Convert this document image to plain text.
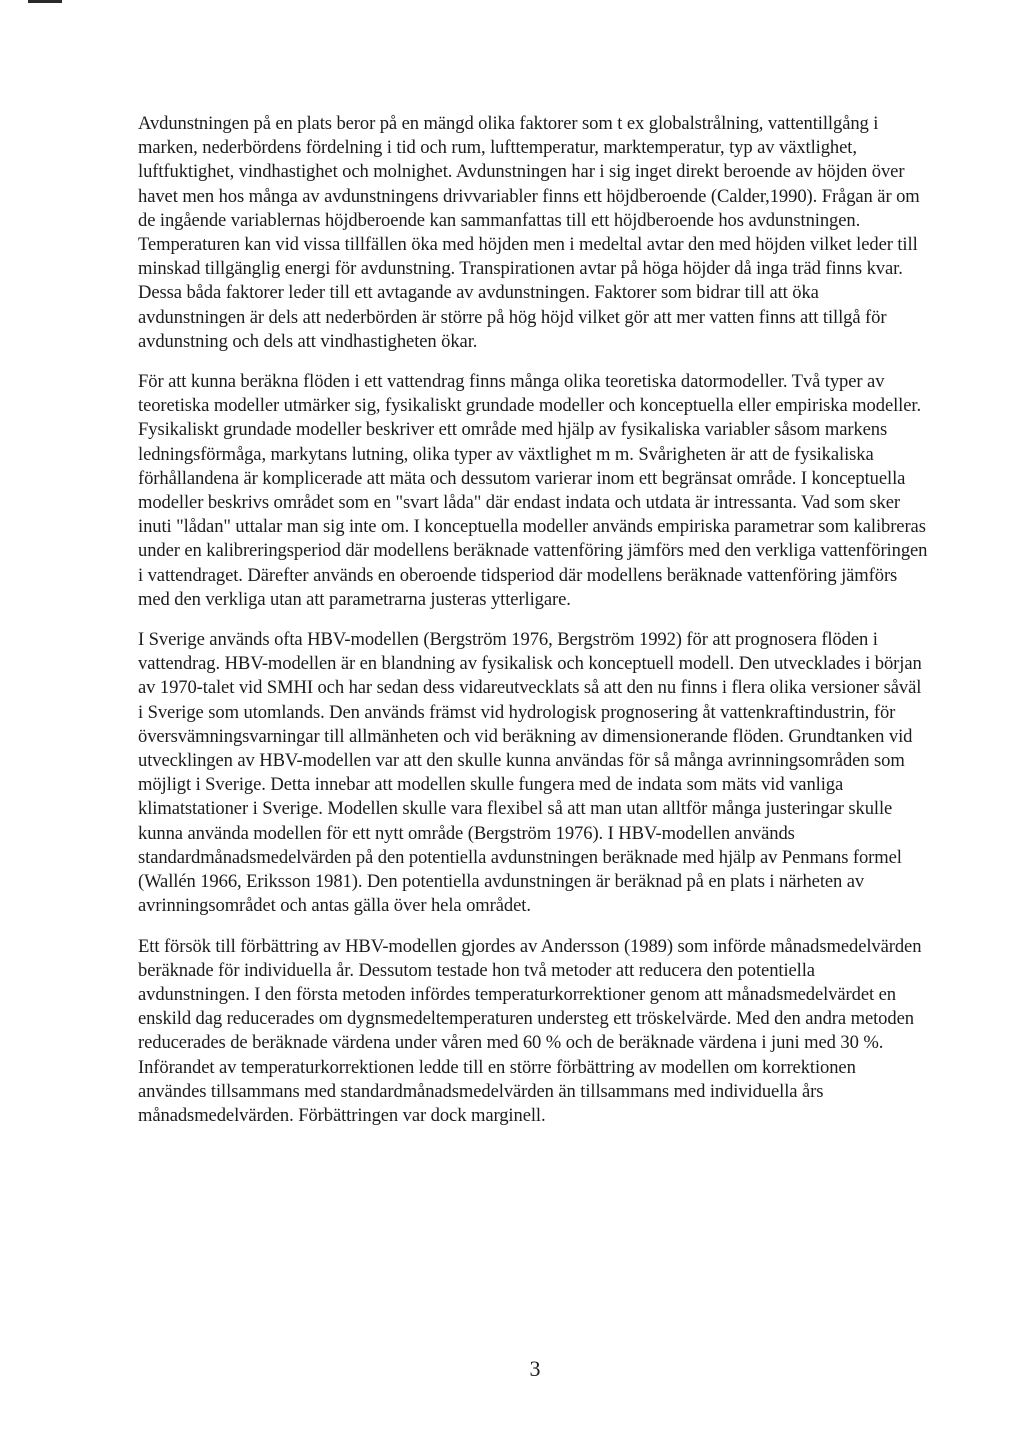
Avdunstningen på en plats beror på en mängd olika faktorer som t ex globalstrålning, vattentillgång i marken, nederbördens fördelning i tid och rum, lufttemperatur, marktemperatur, typ av växtlighet, luftfuktighet, vindhastighet och molnighet. Avdunstningen har i sig inget direkt beroende av höjden över havet men hos många av avdunstningens drivvariabler finns ett höjdberoende (Calder,1990). Frågan är om de ingående variablernas höjdberoende kan sammanfattas till ett höjdberoende hos avdunstningen. Temperaturen kan vid vissa tillfällen öka med höjden men i medeltal avtar den med höjden vilket leder till minskad tillgänglig energi för avdunstning. Transpirationen avtar på höga höjder då inga träd finns kvar. Dessa båda faktorer leder till ett avtagande av avdunstningen. Faktorer som bidrar till att öka avdunstningen är dels att nederbörden är större på hög höjd vilket gör att mer vatten finns att tillgå för avdunstning och dels att vindhastigheten ökar.

För att kunna beräkna flöden i ett vattendrag finns många olika teoretiska datormodeller. Två typer av teoretiska modeller utmärker sig, fysikaliskt grundade modeller och konceptuella eller empiriska modeller. Fysikaliskt grundade modeller beskriver ett område med hjälp av fysikaliska variabler såsom markens ledningsförmåga, markytans lutning, olika typer av växtlighet m m. Svårigheten är att de fysikaliska förhållandena är komplicerade att mäta och dessutom varierar inom ett begränsat område. I konceptuella modeller beskrivs området som en "svart låda" där endast indata och utdata är intressanta. Vad som sker inuti "lådan" uttalar man sig inte om. I konceptuella modeller används empiriska parametrar som kalibreras under en kalibreringsperiod där modellens beräknade vattenföring jämförs med den verkliga vattenföringen i vattendraget. Därefter används en oberoende tidsperiod där modellens beräknade vattenföring jämförs med den verkliga utan att parametrarna justeras ytterligare.

I Sverige används ofta HBV-modellen (Bergström 1976, Bergström 1992) för att prognosera flöden i vattendrag. HBV-modellen är en blandning av fysikalisk och konceptuell modell. Den utvecklades i början av 1970-talet vid SMHI och har sedan dess vidareutvecklats så att den nu finns i flera olika versioner såväl i Sverige som utomlands. Den används främst vid hydrologisk prognosering åt vattenkraftindustrin, för översvämningsvarningar till allmänheten och vid beräkning av dimensionerande flöden. Grundtanken vid utvecklingen av HBV-modellen var att den skulle kunna användas för så många avrinningsområden som möjligt i Sverige. Detta innebar att modellen skulle fungera med de indata som mäts vid vanliga klimatstationer i Sverige. Modellen skulle vara flexibel så att man utan alltför många justeringar skulle kunna använda modellen för ett nytt område (Bergström 1976). I HBV-modellen används standardmånadsmedelvärden på den potentiella avdunstningen beräknade med hjälp av Penmans formel (Wallén 1966, Eriksson 1981). Den potentiella avdunstningen är beräknad på en plats i närheten av avrinningsområdet och antas gälla över hela området.

Ett försök till förbättring av HBV-modellen gjordes av Andersson (1989) som införde månadsmedelvärden beräknade för individuella år. Dessutom testade hon två metoder att reducera den potentiella avdunstningen. I den första metoden infördes temperaturkorrektioner genom att månadsmedelvärdet en enskild dag reducerades om dygnsmedeltemperaturen understeg ett tröskelvärde. Med den andra metoden reducerades de beräknade värdena under våren med 60 % och de beräknade värdena i juni med 30 %. Införandet av temperaturkorrektionen ledde till en större förbättring av modellen om korrektionen användes tillsammans med standardmånadsmedelvärden än tillsammans med individuella års månadsmedelvärden. Förbättringen var dock marginell.

3
